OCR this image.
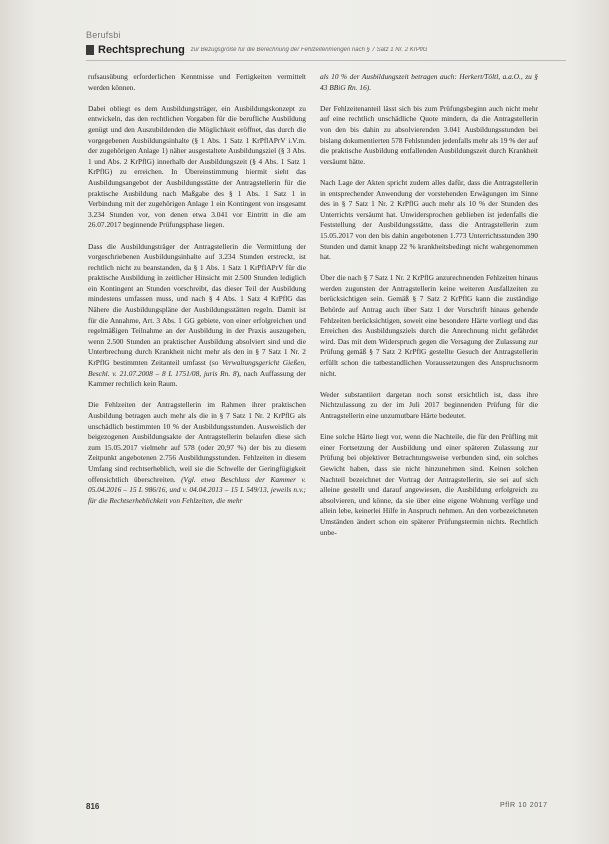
Berufsbi
Rechtsprechung zur Bezugsgröße für die Berechnung der Fehlzeitenmengen nach § 7 Satz 1 Nr. 2 KrPflG

rufsausübung erforderlichen Kenntnisse und Fertigkeiten vermittelt werden können.

Dabei obliegt es dem Ausbildungsträger, ein Ausbildungskonzept zu entwickeln, das den rechtlichen Vorgaben für die berufliche Ausbildung genügt und den Auszubildenden die Möglichkeit eröffnet, das durch die vorgegebenen Ausbildungsinhalte (§ 1 Abs. 1 Satz 1 KrPflAPrV i.V.m. der zugehörigen Anlage 1) näher ausgestaltete Ausbildungsziel (§ 3 Abs. 1 und Abs. 2 KrPflG) innerhalb der Ausbildungszeit (§ 4 Abs. 1 Satz 1 KrPflG) zu erreichen. In Übereinstimmung hiermit sieht das Ausbildungsangebot der Ausbildungsstätte der Antragstellerin für die praktische Ausbildung nach Maßgabe des § 1 Abs. 1 Satz 1 in Verbindung mit der zugehörigen Anlage 1 ein Kontingent von insgesamt 3.234 Stunden vor, von denen etwa 3.041 vor Eintritt in die am 26.07.2017 beginnende Prüfungsphase liegen.

Dass die Ausbildungsträger der Antragstellerin die Vermittlung der vorgeschriebenen Ausbildungsinhalte auf 3.234 Stunden erstreckt, ist rechtlich nicht zu beanstanden, da § 1 Abs. 1 Satz 1 KrPflAPrV für die praktische Ausbildung in zeitlicher Hinsicht mit 2.500 Stunden lediglich ein Kontingent an Stunden vorschreibt, das dieser Teil der Ausbildung mindestens umfassen muss, und nach § 4 Abs. 1 Satz 4 KrPflG das Nähere die Ausbildungspläne der Ausbildungsstätten regeln. Damit ist für die Annahme, Art. 3 Abs. 1 GG gebiete, von einer erfolgreichen und regelmäßigen Teilnahme an der Ausbildung in der Praxis auszugehen, wenn 2.500 Stunden an praktischer Ausbildung absolviert sind und die Unterbrechung durch Krankheit nicht mehr als den in § 7 Satz 1 Nr. 2 KrPflG bestimmten Zeitanteil umfasst (so Verwaltungsgericht Gießen, Beschl. v. 21.07.2008 – 8 L 1751/08, juris Rn. 8), nach Auffassung der Kammer rechtlich kein Raum.

Die Fehlzeiten der Antragstellerin im Rahmen ihrer praktischen Ausbildung betragen auch mehr als die in § 7 Satz 1 Nr. 2 KrPflG als unschädlich bestimmten 10 % der Ausbildungsstunden. Ausweislich der beigezogenen Ausbildungsakte der Antragstellerin belaufen diese sich zum 15.05.2017 vielmehr auf 578 (oder 20,97 %) der bis zu diesem Zeitpunkt angebotenen 2.756 Ausbildungsstunden. Fehlzeiten in diesem Umfang sind rechtserheblich, weil sie die Schwelle der Geringfügigkeit offensichtlich überschreiten. (Vgl. etwa Beschluss der Kammer v. 05.04.2016 – 15 L 986/16, und v. 04.04.2013 – 15 L 549/13, jeweils n.v.; für die Rechtserheblichkeit von Fehlzeiten, die mehr

als 10 % der Ausbildungszeit betragen auch: Herkert/Töltl, a.a.O., zu § 43 BBiG Rn. 16).

Der Fehlzeitenanteil lässt sich bis zum Prüfungsbeginn auch nicht mehr auf eine rechtlich unschädliche Quote mindern, da die Antragstellerin von den bis dahin zu absolvierenden 3.041 Ausbildungsstunden bei bislang dokumentierten 578 Fehlstunden jedenfalls mehr als 19 % der auf die praktische Ausbildung entfallenden Ausbildungszeit durch Krankheit versäumt hätte.

Nach Lage der Akten spricht zudem alles dafür, dass die Antragstellerin in entsprechender Anwendung der vorstehenden Erwägungen im Sinne des in § 7 Satz 1 Nr. 2 KrPflG auch mehr als 10 % der Stunden des Unterrichts versäumt hat. Unwidersprochen geblieben ist jedenfalls die Feststellung der Ausbildungsstätte, dass die Antragstellerin zum 15.05.2017 von den bis dahin angebotenen 1.773 Unterrichtsstunden 390 Stunden und damit knapp 22 % krankheitsbedingt nicht wahrgenommen hat.

Über die nach § 7 Satz 1 Nr. 2 KrPflG anzurechnenden Fehlzeiten hinaus werden zugunsten der Antragstellerin keine weiteren Ausfallzeiten zu berücksichtigen sein. Gemäß § 7 Satz 2 KrPflG kann die zuständige Behörde auf Antrag auch über Satz 1 der Vorschrift hinaus gehende Fehlzeiten berücksichtigen, soweit eine besondere Härte vorliegt und das Erreichen des Ausbildungsziels durch die Anrechnung nicht gefährdet wird. Das mit dem Widerspruch gegen die Versagung der Zulassung zur Prüfung gemäß § 7 Satz 2 KrPflG gestellte Gesuch der Antragstellerin erfüllt schon die tatbestandlichen Voraussetzungen des Anspruchsnorm nicht.

Weder substantiiert dargetan noch sonst ersichtlich ist, dass ihre Nichtzulassung zu der im Juli 2017 beginnenden Prüfung für die Antragstellerin eine unzumutbare Härte bedeutet.

Eine solche Härte liegt vor, wenn die Nachteile, die für den Prüfling mit einer Fortsetzung der Ausbildung und einer späteren Zulassung zur Prüfung bei objektiver Betrachtungsweise verbunden sind, ein solches Gewicht haben, dass sie nicht hinzunehmen sind. Keinen solchen Nachteil bezeichnet der Vortrag der Antragstellerin, sie sei auf sich alleine gestellt und darauf angewiesen, die Ausbildung erfolgreich zu absolvieren, und könne, da sie über eine eigene Wohnung verfüge und allein lebe, keinerlei Hilfe in Anspruch nehmen. An den vorbezeichneten Umständen ändert schon ein späterer Prüfungstermin nichts. Rechtlich unbe-

816	PflR 10 2017
